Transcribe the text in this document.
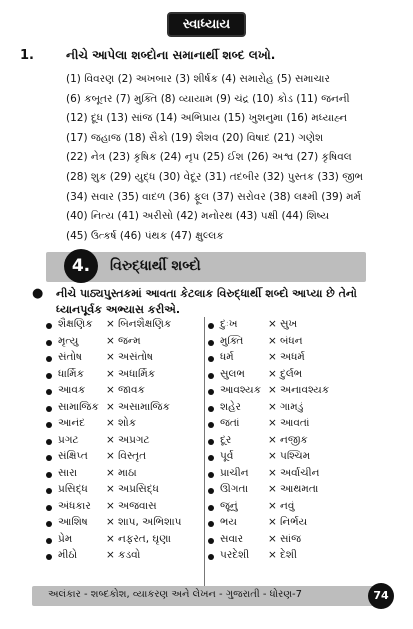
સ્વાધ્યાય
1.	નીચે આપેલા શબ્દોના સમાનાર્થી શબ્દ લખો.
(1) વિવરણ (2) અખબાર (3) શીર્ષક (4) સમારોહ (5) સમાચાર
(6) કબૂતર (7) મુક્તિ (8) વ્યાયામ (9) ચંદ્ર (10) કોડ (11) જનની
(12) દૂધ (13) સાંજ (14) અભિપ્રાય (15) ખુશનુમા (16) મધ્યાહ્ન
(17) જહાજ (18) સૈકો (19) શૈશવ (20) વિષાદ (21) ગણેશ
(22) નેત્ર (23) કૃષિક (24) નૃપ (25) ઈશ (26) અશ્વ (27) કૃષિવલ
(28) શુક (29) યુદ્ધ (30) વેદૂર (31) તદબીર (32) પુસ્તક (33) જીભ
(34) સવાર (35) વાદળ (36) ફૂલ (37) સરોવર (38) લક્ષ્મી (39) મર્મ
(40) નિત્ય (41) અરીસો (42) મનોરથ (43) પક્ષી (44) શિષ્ય
(45) ઉત્કર્ષ (46) પંથક (47) ક્ષુલ્લક
4.	વિરુદ્ધાર્થી શબ્દો
● નીચે પાઠ્યપુસ્તકમાં આવતા કેટલાક વિરુદ્ધાર્થી શબ્દો આપ્યા છે તેનો ધ્યાનપૂર્વક અભ્યાસ કરીએ.
શૈક્ષણિક × બિનશૈક્ષણિક
મૃત્યુ	× જન્મ
સંતોષ × અસંતોષ
ધાર્મિક × અધાર્મિક
આવક × જાવક
સામાજિક × અસામાજિક
આનંદ × શોક
પ્રગટ	× અપ્રગટ
સંક્ષિપ્ત × વિસ્તૃત
સારા	× માઠા
પ્રસિદ્ધ × અપ્રસિદ્ધ
અંધકાર × અજવાસ
આશિષ × શાપ, અભિશાપ
પ્રેમ	× નફરત, ઘૃણા
મીઠો	× કડવો
દુઃખ	× સુખ
મુક્તિ × બંધન
ધર્મ	× અધર્મ
સુલભ × દુર્લભ
આવશ્યક × અનાવશ્યક
શહેર	× ગામડું
જતાં	× આવતાં
દૂર	× નજીક
પૂર્વ	× પશ્ચિમ
પ્રાચીન × અર્વાચીન
ઊગતા × આથમતા
જૂનું	× નવું
ભય	× નિર્ભય
સવાર × સાંજ
પરદેશી × દેશી
અલંકાર - શબ્દકોશ, વ્યાકરણ અને લેખન - ગુજરાતી - ધોરણ-7	74
